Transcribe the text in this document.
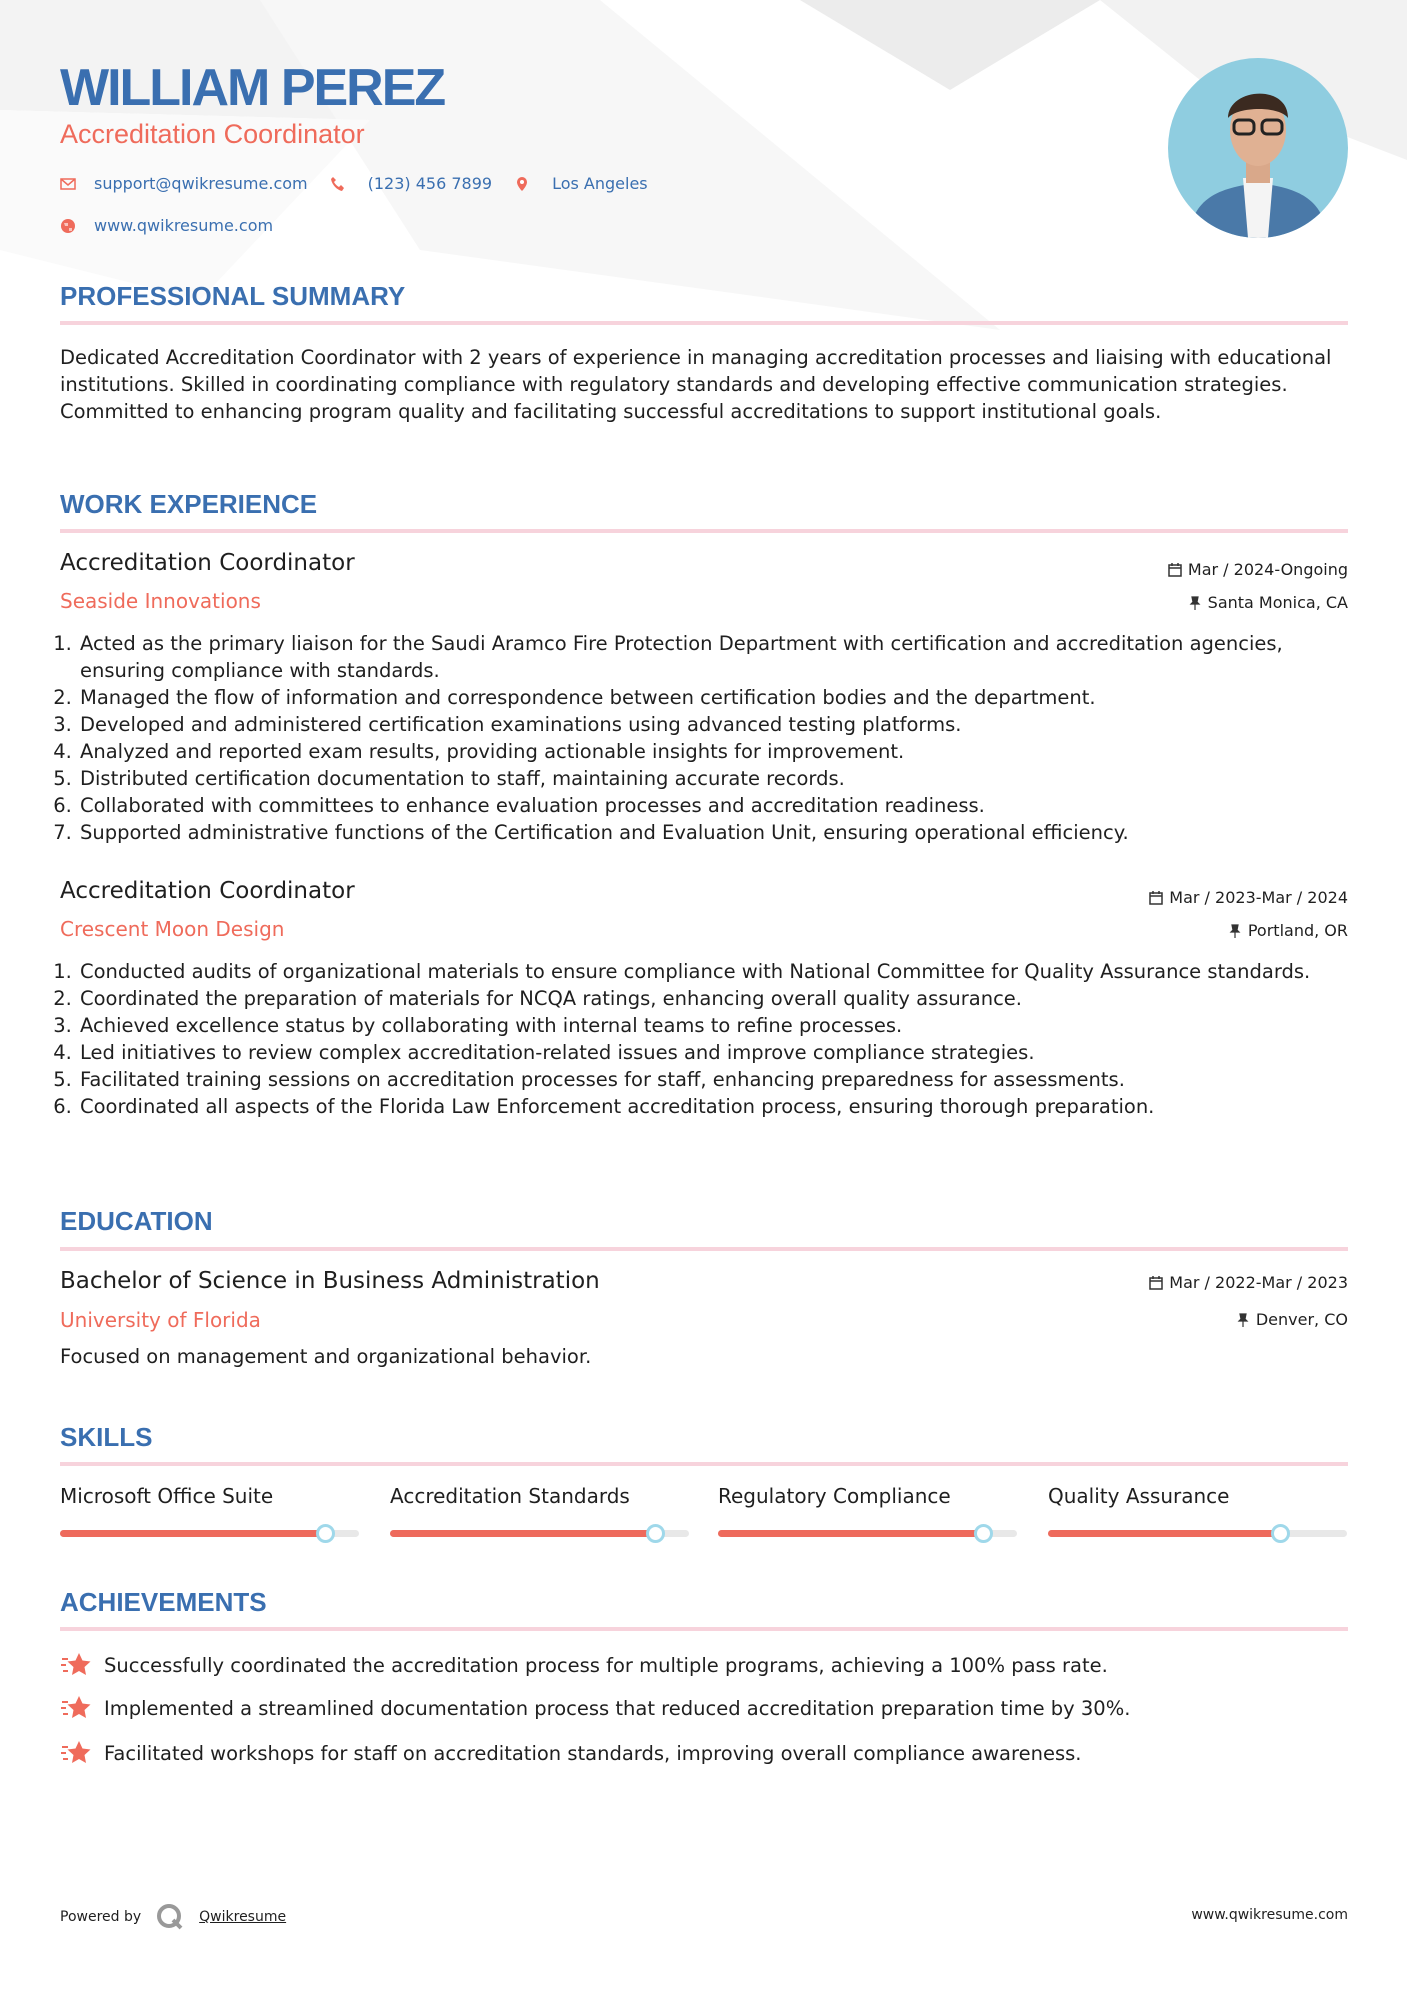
WILLIAM PEREZ
Accreditation Coordinator
support@qwikresume.com	(123) 456 7899	Los Angeles
www.qwikresume.com
PROFESSIONAL SUMMARY
Dedicated Accreditation Coordinator with 2 years of experience in managing accreditation processes and liaising with educational institutions. Skilled in coordinating compliance with regulatory standards and developing effective communication strategies. Committed to enhancing program quality and facilitating successful accreditations to support institutional goals.
WORK EXPERIENCE
Accreditation Coordinator
Seaside Innovations
Mar / 2024-Ongoing
Santa Monica, CA
1. Acted as the primary liaison for the Saudi Aramco Fire Protection Department with certification and accreditation agencies, ensuring compliance with standards.
2. Managed the flow of information and correspondence between certification bodies and the department.
3. Developed and administered certification examinations using advanced testing platforms.
4. Analyzed and reported exam results, providing actionable insights for improvement.
5. Distributed certification documentation to staff, maintaining accurate records.
6. Collaborated with committees to enhance evaluation processes and accreditation readiness.
7. Supported administrative functions of the Certification and Evaluation Unit, ensuring operational efficiency.
Accreditation Coordinator
Crescent Moon Design
Mar / 2023-Mar / 2024
Portland, OR
1. Conducted audits of organizational materials to ensure compliance with National Committee for Quality Assurance standards.
2. Coordinated the preparation of materials for NCQA ratings, enhancing overall quality assurance.
3. Achieved excellence status by collaborating with internal teams to refine processes.
4. Led initiatives to review complex accreditation-related issues and improve compliance strategies.
5. Facilitated training sessions on accreditation processes for staff, enhancing preparedness for assessments.
6. Coordinated all aspects of the Florida Law Enforcement accreditation process, ensuring thorough preparation.
EDUCATION
Bachelor of Science in Business Administration
University of Florida
Mar / 2022-Mar / 2023
Denver, CO
Focused on management and organizational behavior.
SKILLS
Microsoft Office Suite	Accreditation Standards	Regulatory Compliance	Quality Assurance
ACHIEVEMENTS
Successfully coordinated the accreditation process for multiple programs, achieving a 100% pass rate.
Implemented a streamlined documentation process that reduced accreditation preparation time by 30%.
Facilitated workshops for staff on accreditation standards, improving overall compliance awareness.
Powered by	Qwikresume	www.qwikresume.com
